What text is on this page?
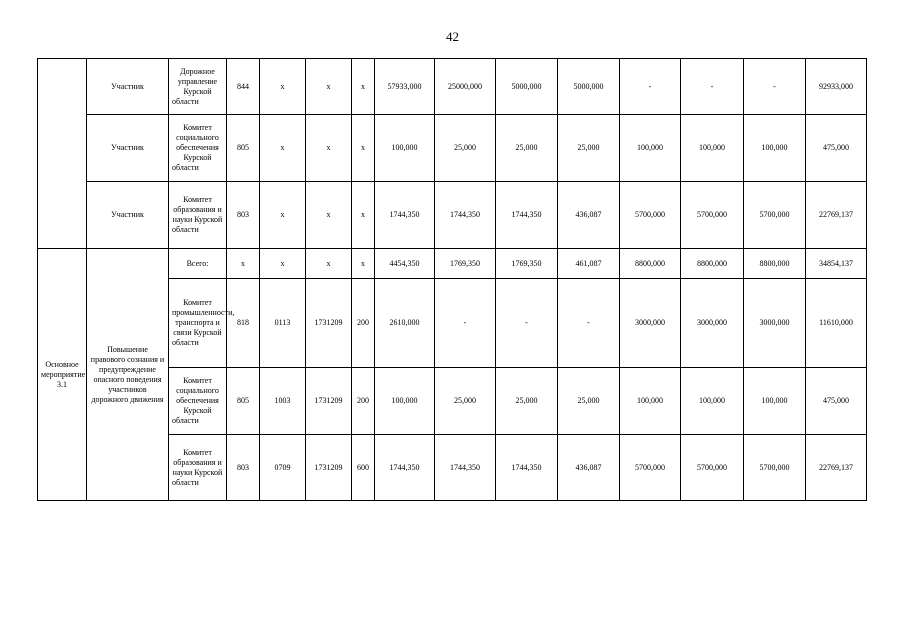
42
	Участник	Дорожное управление Курской области	844	х	х	х	57933,000	25000,000	5000,000	5000,000	-	-	-	92933,000
	Участник	Комитет социального обеспечения Курской области	805	х	х	х	100,000	25,000	25,000	25,000	100,000	100,000	100,000	475,000
	Участник	Комитет образования и науки Курской области	803	х	х	х	1744,350	1744,350	1744,350	436,087	5700,000	5700,000	5700,000	22769,137
Основное мероприятие 3.1	Повышение правового сознания и предупреждение опасного поведения участников дорожного движения	Всего:	х	х	х	х	4454,350	1769,350	1769,350	461,087	8800,000	8800,000	8800,000	34854,137
		Комитет промышленности, транспорта и связи Курской области	818	0113	1731209	200	2610,000	-	-	-	3000,000	3000,000	3000,000	11610,000
		Комитет социального обеспечения Курской области	805	1003	1731209	200	100,000	25,000	25,000	25,000	100,000	100,000	100,000	475,000
		Комитет образования и науки Курской области	803	0709	1731209	600	1744,350	1744,350	1744,350	436,087	5700,000	5700,000	5700,000	22769,137
